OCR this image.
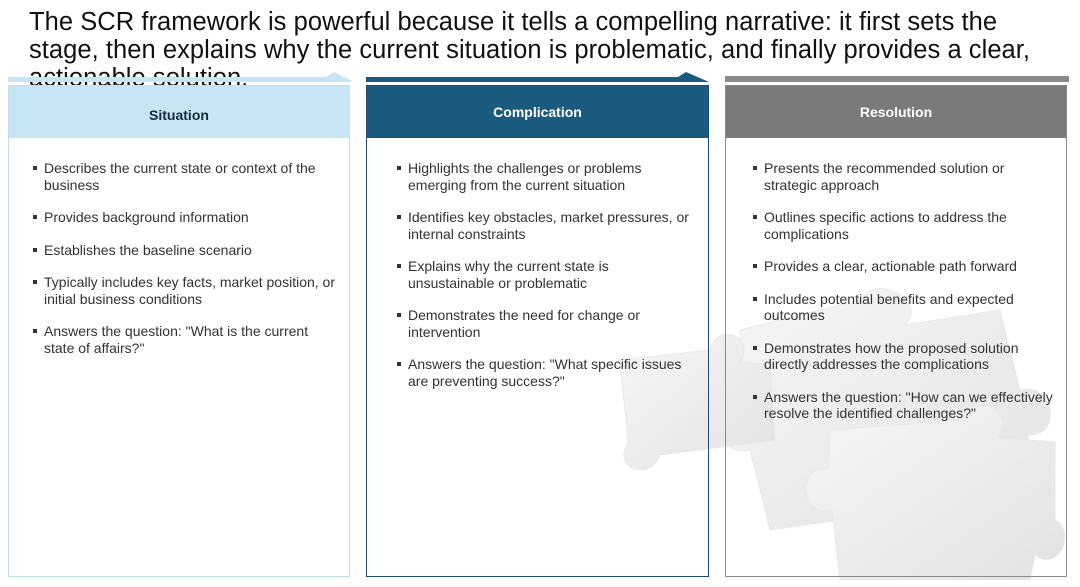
The SCR framework is powerful because it tells a compelling narrative: it first sets the stage, then explains why the current situation is problematic, and finally provides a clear,
Situation
Describes the current state or context of the business
Provides background information
Establishes the baseline scenario
Typically includes key facts, market position, or initial business conditions
Answers the question: "What is the current state of affairs?"
Complication
Highlights the challenges or problems emerging from the current situation
Identifies key obstacles, market pressures, or internal constraints
Explains why the current state is unsustainable or problematic
Demonstrates the need for change or intervention
Answers the question: "What specific issues are preventing success?"
Resolution
Presents the recommended solution or strategic approach
Outlines specific actions to address the complications
Provides a clear, actionable path forward
Includes potential benefits and expected outcomes
Demonstrates how the proposed solution directly addresses the complications
Answers the question: "How can we effectively resolve the identified challenges?"
